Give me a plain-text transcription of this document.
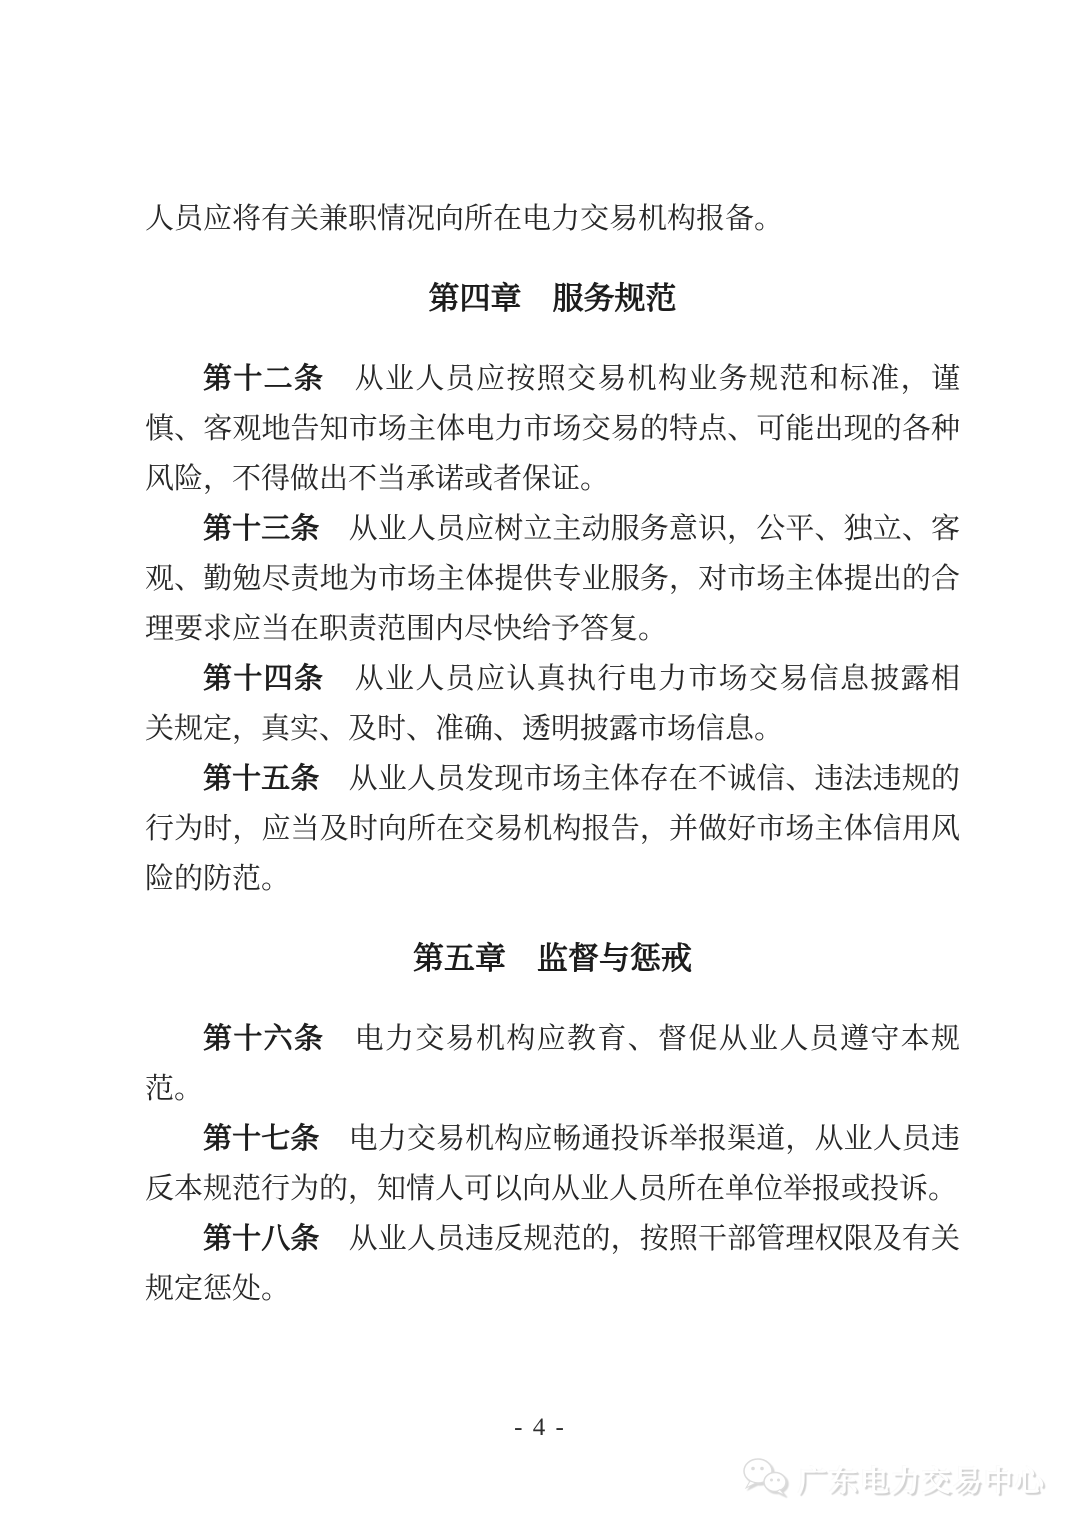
人员应将有关兼职情况向所在电力交易机构报备。
第四章　服务规范
第十二条　从业人员应按照交易机构业务规范和标准，谨
慎、客观地告知市场主体电力市场交易的特点、可能出现的各种
风险，不得做出不当承诺或者保证。
第十三条　从业人员应树立主动服务意识，公平、独立、客
观、勤勉尽责地为市场主体提供专业服务，对市场主体提出的合
理要求应当在职责范围内尽快给予答复。
第十四条　从业人员应认真执行电力市场交易信息披露相
关规定，真实、及时、准确、透明披露市场信息。
第十五条　从业人员发现市场主体存在不诚信、违法违规的
行为时，应当及时向所在交易机构报告，并做好市场主体信用风
险的防范。
第五章　监督与惩戒
第十六条　电力交易机构应教育、督促从业人员遵守本规
范。
第十七条　电力交易机构应畅通投诉举报渠道，从业人员违
反本规范行为的，知情人可以向从业人员所在单位举报或投诉。
第十八条　从业人员违反规范的，按照干部管理权限及有关
规定惩处。
- 4 -
广东电力交易中心
